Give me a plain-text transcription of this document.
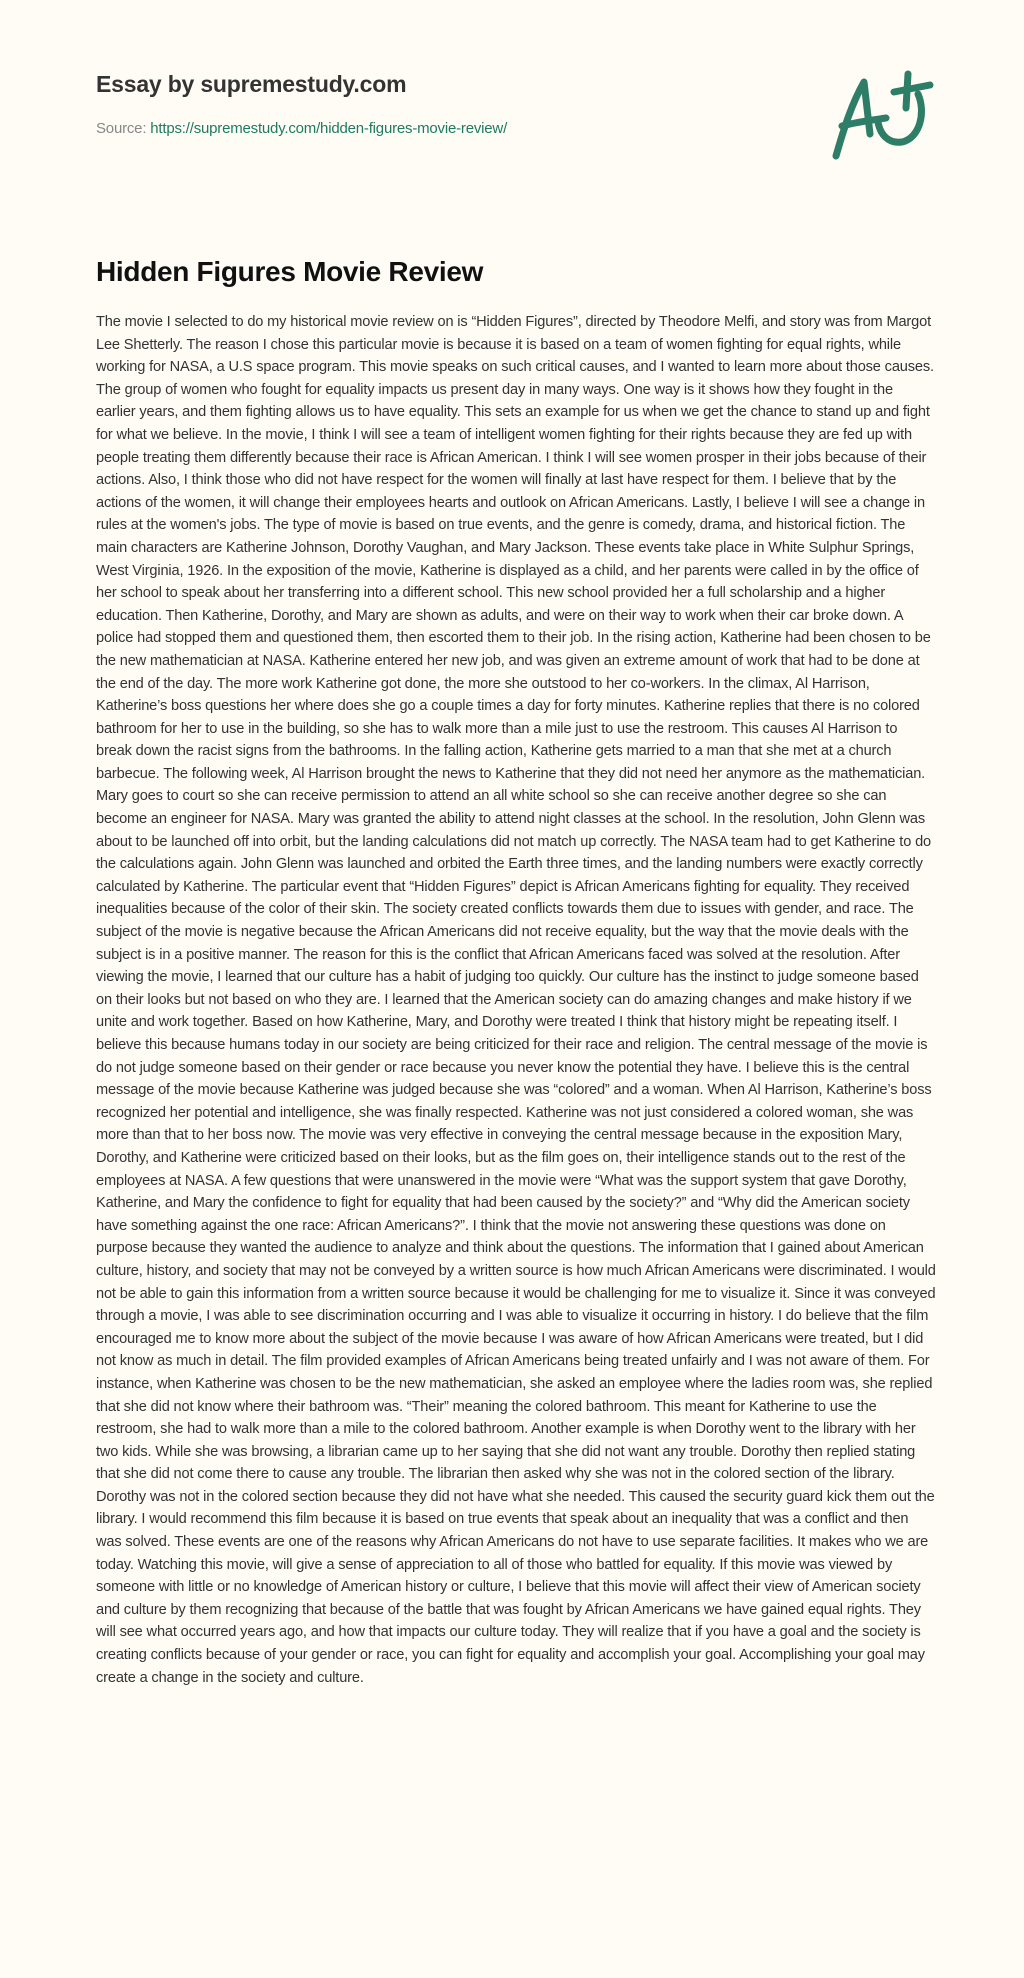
Essay by supremestudy.com
Source: https://supremestudy.com/hidden-figures-movie-review/
Hidden Figures Movie Review

The movie I selected to do my historical movie review on is “Hidden Figures”, directed by Theodore Melfi, and story was from Margot Lee Shetterly. The reason I chose this particular movie is because it is based on a team of women fighting for equal rights, while working for NASA, a U.S space program. This movie speaks on such critical causes, and I wanted to learn more about those causes. The group of women who fought for equality impacts us present day in many ways. One way is it shows how they fought in the earlier years, and them fighting allows us to have equality. This sets an example for us when we get the chance to stand up and fight for what we believe. In the movie, I think I will see a team of intelligent women fighting for their rights because they are fed up with people treating them differently because their race is African American. I think I will see women prosper in their jobs because of their actions. Also, I think those who did not have respect for the women will finally at last have respect for them. I believe that by the actions of the women, it will change their employees hearts and outlook on African Americans. Lastly, I believe I will see a change in rules at the women's jobs. The type of movie is based on true events, and the genre is comedy, drama, and historical fiction. The main characters are Katherine Johnson, Dorothy Vaughan, and Mary Jackson. These events take place in White Sulphur Springs, West Virginia, 1926. In the exposition of the movie, Katherine is displayed as a child, and her parents were called in by the office of her school to speak about her transferring into a different school. This new school provided her a full scholarship and a higher education. Then Katherine, Dorothy, and Mary are shown as adults, and were on their way to work when their car broke down. A police had stopped them and questioned them, then escorted them to their job. In the rising action, Katherine had been chosen to be the new mathematician at NASA. Katherine entered her new job, and was given an extreme amount of work that had to be done at the end of the day. The more work Katherine got done, the more she outstood to her co-workers. In the climax, Al Harrison, Katherine’s boss questions her where does she go a couple times a day for forty minutes. Katherine replies that there is no colored bathroom for her to use in the building, so she has to walk more than a mile just to use the restroom. This causes Al Harrison to break down the racist signs from the bathrooms. In the falling action, Katherine gets married to a man that she met at a church barbecue. The following week, Al Harrison brought the news to Katherine that they did not need her anymore as the mathematician. Mary goes to court so she can receive permission to attend an all white school so she can receive another degree so she can become an engineer for NASA. Mary was granted the ability to attend night classes at the school. In the resolution, John Glenn was about to be launched off into orbit, but the landing calculations did not match up correctly. The NASA team had to get Katherine to do the calculations again. John Glenn was launched and orbited the Earth three times, and the landing numbers were exactly correctly calculated by Katherine. The particular event that “Hidden Figures” depict is African Americans fighting for equality. They received inequalities because of the color of their skin. The society created conflicts towards them due to issues with gender, and race. The subject of the movie is negative because the African Americans did not receive equality, but the way that the movie deals with the subject is in a positive manner. The reason for this is the conflict that African Americans faced was solved at the resolution. After viewing the movie, I learned that our culture has a habit of judging too quickly. Our culture has the instinct to judge someone based on their looks but not based on who they are. I learned that the American society can do amazing changes and make history if we unite and work together. Based on how Katherine, Mary, and Dorothy were treated I think that history might be repeating itself. I believe this because humans today in our society are being criticized for their race and religion. The central message of the movie is do not judge someone based on their gender or race because you never know the potential they have. I believe this is the central message of the movie because Katherine was judged because she was “colored” and a woman. When Al Harrison, Katherine’s boss recognized her potential and intelligence, she was finally respected. Katherine was not just considered a colored woman, she was more than that to her boss now. The movie was very effective in conveying the central message because in the exposition Mary, Dorothy, and Katherine were criticized based on their looks, but as the film goes on, their intelligence stands out to the rest of the employees at NASA. A few questions that were unanswered in the movie were “What was the support system that gave Dorothy, Katherine, and Mary the confidence to fight for equality that had been caused by the society?” and “Why did the American society have something against the one race: African Americans?”. I think that the movie not answering these questions was done on purpose because they wanted the audience to analyze and think about the questions. The information that I gained about American culture, history, and society that may not be conveyed by a written source is how much African Americans were discriminated. I would not be able to gain this information from a written source because it would be challenging for me to visualize it. Since it was conveyed through a movie, I was able to see discrimination occurring and I was able to visualize it occurring in history. I do believe that the film encouraged me to know more about the subject of the movie because I was aware of how African Americans were treated, but I did not know as much in detail. The film provided examples of African Americans being treated unfairly and I was not aware of them. For instance, when Katherine was chosen to be the new mathematician, she asked an employee where the ladies room was, she replied that she did not know where their bathroom was. “Their” meaning the colored bathroom. This meant for Katherine to use the restroom, she had to walk more than a mile to the colored bathroom. Another example is when Dorothy went to the library with her two kids. While she was browsing, a librarian came up to her saying that she did not want any trouble. Dorothy then replied stating that she did not come there to cause any trouble. The librarian then asked why she was not in the colored section of the library. Dorothy was not in the colored section because they did not have what she needed. This caused the security guard kick them out the library. I would recommend this film because it is based on true events that speak about an inequality that was a conflict and then was solved. These events are one of the reasons why African Americans do not have to use separate facilities. It makes who we are today. Watching this movie, will give a sense of appreciation to all of those who battled for equality. If this movie was viewed by someone with little or no knowledge of American history or culture, I believe that this movie will affect their view of American society and culture by them recognizing that because of the battle that was fought by African Americans we have gained equal rights. They will see what occurred years ago, and how that impacts our culture today. They will realize that if you have a goal and the society is creating conflicts because of your gender or race, you can fight for equality and accomplish your goal. Accomplishing your goal may create a change in the society and culture.
